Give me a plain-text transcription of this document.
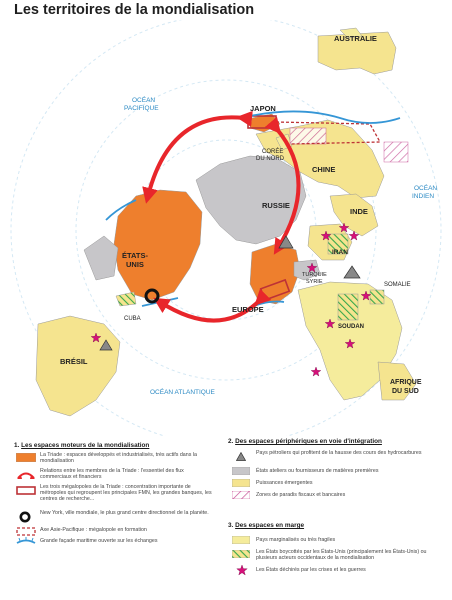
Les territoires de la mondialisation
AUSTRALIE
OCÉAN
PACIFIQUE	JAPON
CORÉE
DU NORD
CHINE
OCÉAN
INDIEN
INDE
RUSSIE
IRAN
ÉTATS-
UNIS
TURQUIE
SYRIE	SOMALIE
EUROPE
CUBA
SOUDAN
BRÉSIL
OCÉAN ATLANTIQUE
AFRIQUE
DU SUD
1. Les espaces moteurs de la mondialisation
La Triade : espaces développés et industrialisés, très actifs dans la mondialisation
Relations entre les membres de la Triade : l'essentiel des flux commerciaux et financiers
Les trois mégalopoles de la Triade : concentration importante de métropoles qui regroupent les principales FMN, les grandes banques, les centres de recherche...
New York, ville mondiale, le plus grand centre directionnel de la planète.
Axe Asie-Pacifique : mégalopole en formation
Grande façade maritime ouverte sur les échanges
2. Des espaces périphériques en voie d'intégration
Pays pétroliers qui profitent de la hausse des cours des hydrocarbures
États ateliers ou fournisseurs de matières premières
Puissances émergentes
Zones de paradis fiscaux et bancaires
3. Des espaces en marge
Pays marginalisés ou très fragiles
Les États boycottés par les États-Unis (principalement les États-Unis) ou plusieurs acteurs occidentaux de la mondialisation
Les États déchirés par les crises et les guerres
